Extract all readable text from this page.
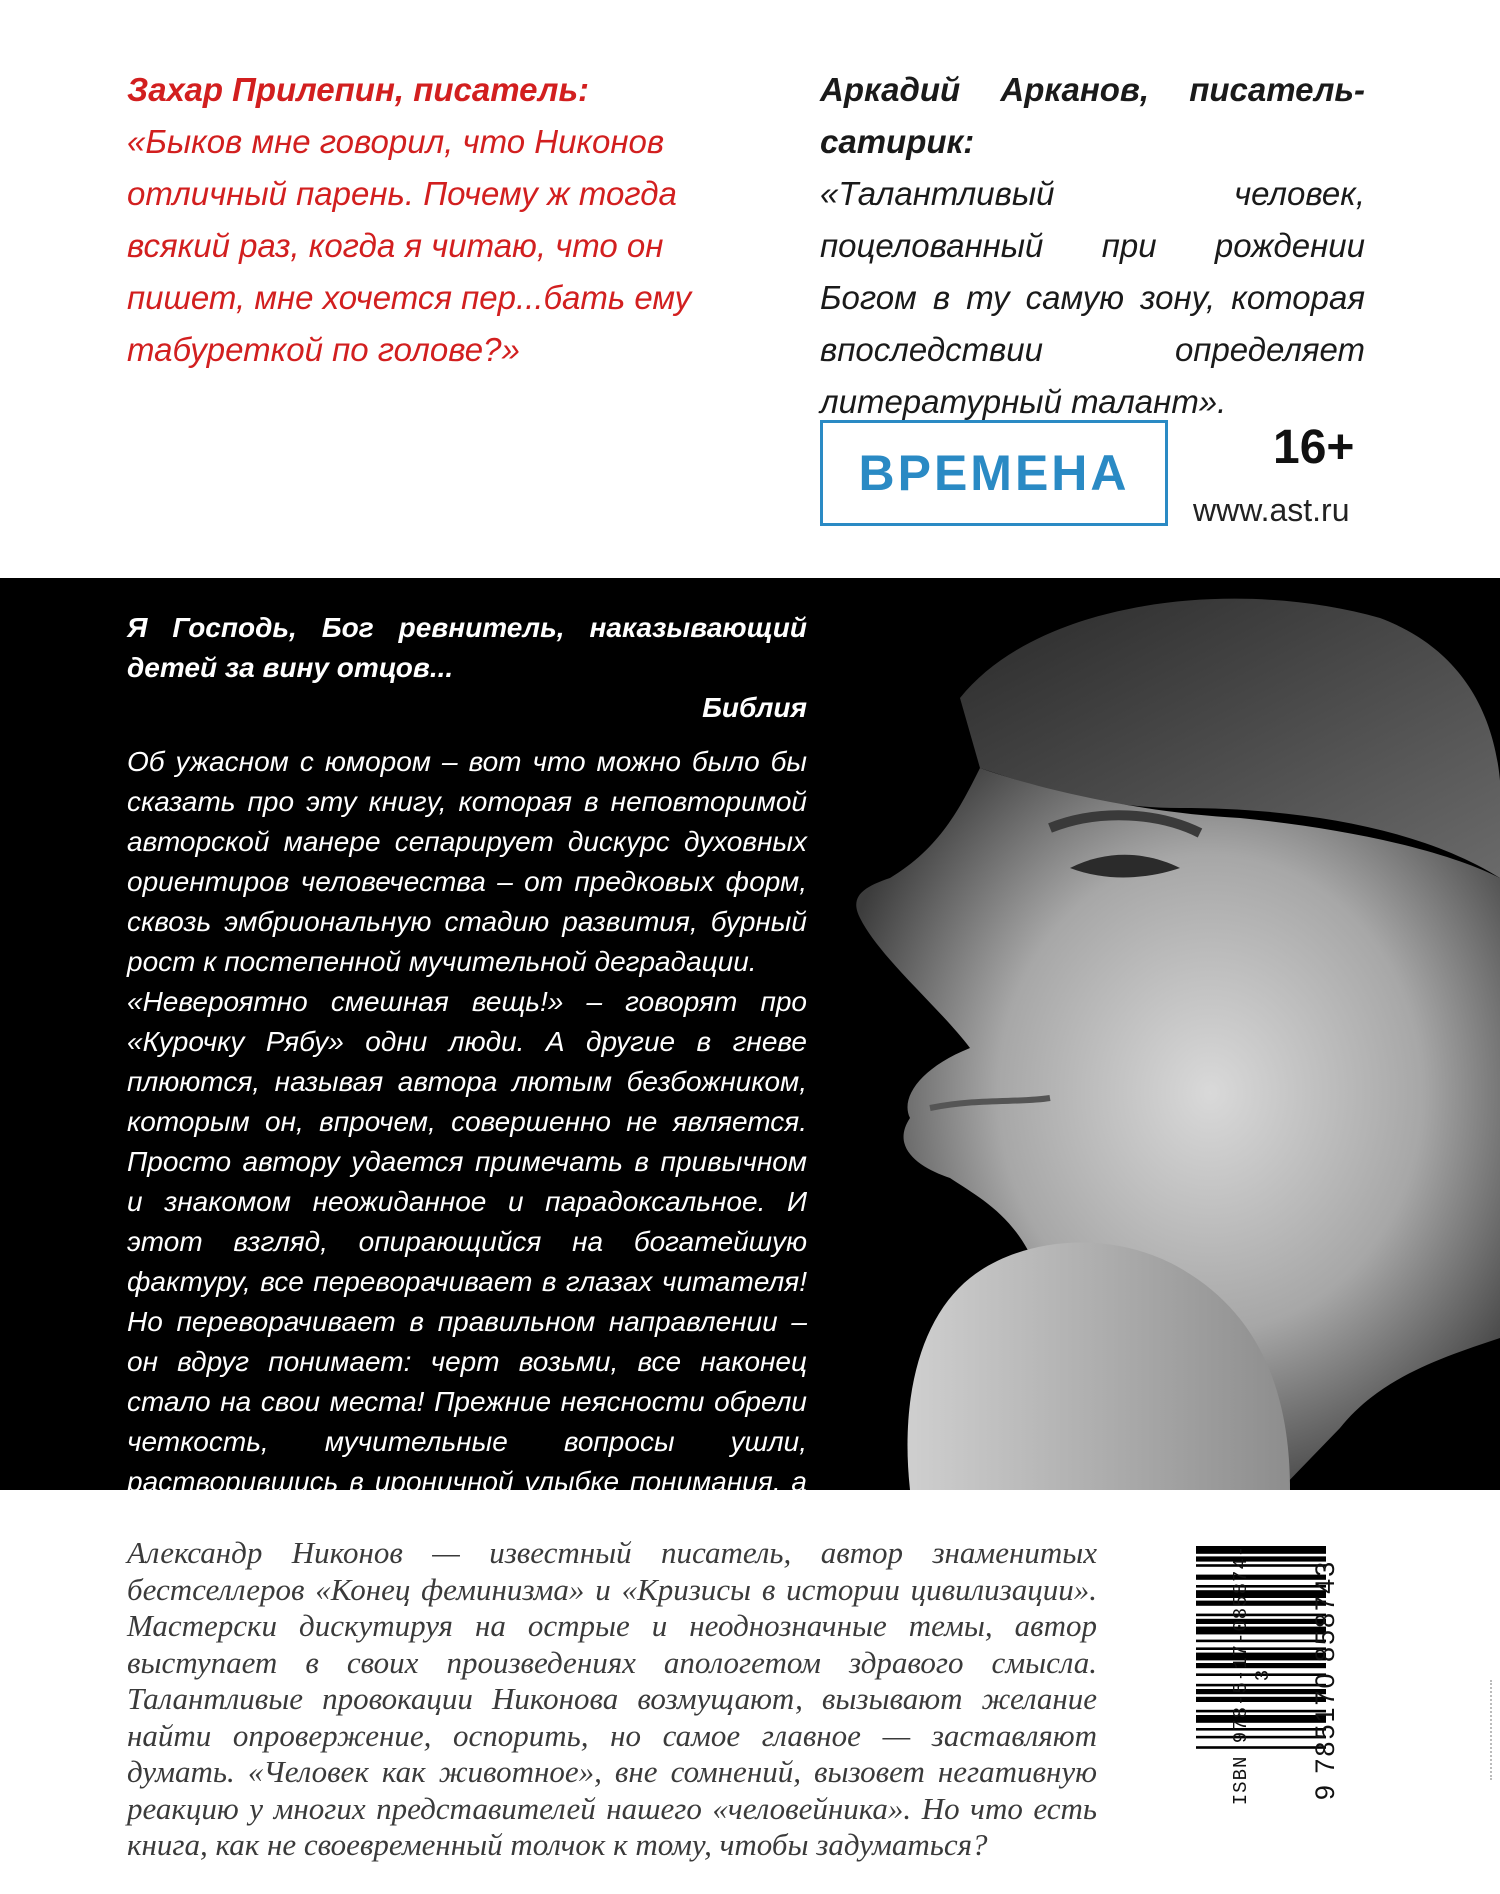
Захар Прилепин, писатель:
«Быков мне говорил, что Никонов отличный парень. Почему ж тогда всякий раз, когда я читаю, что он пишет, мне хочется пер...бать ему табуреткой по голове?»
Аркадий Арканов, писатель-сатирик:
«Талантливый человек, поцелованный при рождении Богом в ту самую зону, которая впоследствии определяет литературный талант».
ВРЕМЕНА	16+
www.ast.ru

Я Господь, Бог ревнитель, наказывающий детей за вину отцов...

Библия

Об ужасном с юмором – вот что можно было бы сказать про эту книгу, которая в неповторимой авторской манере сепарирует дискурс духовных ориентиров человечества – от предковых форм, сквозь эмбриональную стадию развития, бурный рост к постепенной мучительной деградации.

«Невероятно смешная вещь!» – говорят про «Курочку Рябу» одни люди. А другие в гневе плюются, называя автора лютым безбожником, которым он, впрочем, совершенно не является. Просто автору удается примечать в привычном и знакомом неожиданное и парадоксальное. И этот взгляд, опирающийся на богатейшую фактуру, все переворачивает в глазах читателя! Но переворачивает в правильном направлении – он вдруг понимает: черт возьми, все наконец стало на свои места! Прежние неясности обрели четкость, мучительные вопросы ушли, растворившись в ироничной улыбке понимания, а мрак таинственности рассеялся.

Александр Никонов — известный писатель, автор знаменитых бестселлеров «Конец феминизма» и «Кризисы в истории цивилизации». Мастерски дискутируя на острые и неоднозначные темы, автор выступает в своих произведениях апологетом здравого смысла. Талантливые провокации Никонова возмущают, вызывают желание найти опровержение, оспорить, но самое главное — заставляют думать. «Человек как животное», вне сомнений, вызовет негативную реакцию у многих представителей нашего «человейника». Но что есть книга, как не своевременный толчок к тому, чтобы задуматься?

ISBN 978-5-17-085874-3 9 785170 858743
